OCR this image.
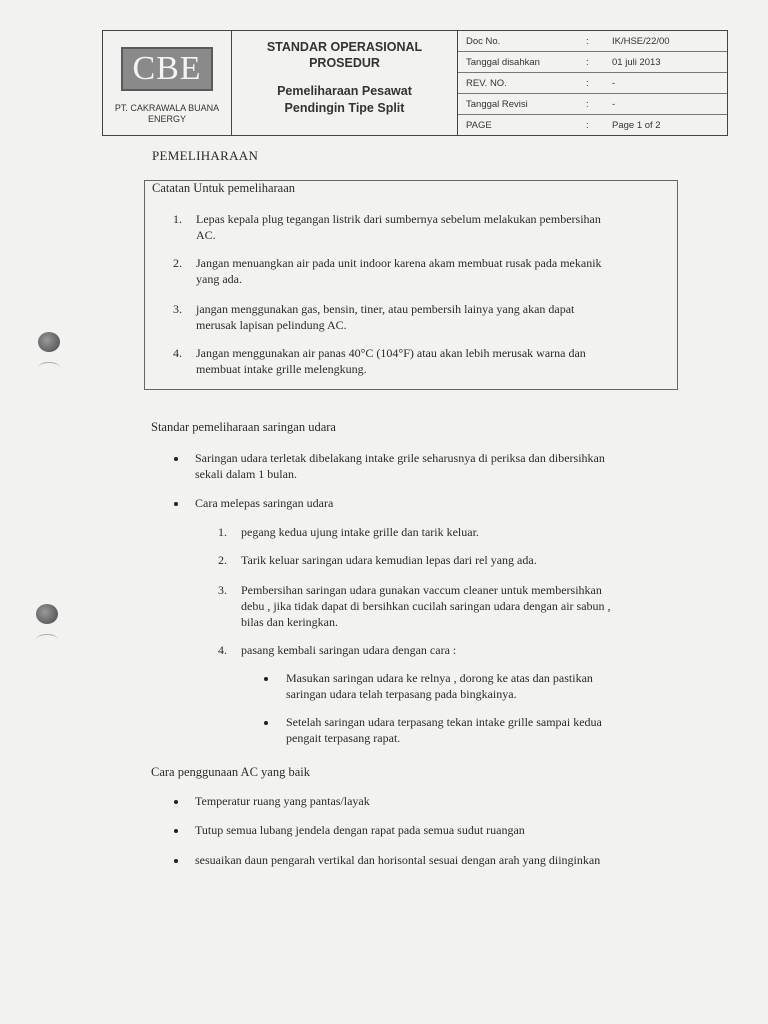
CBE
PT. CAKRAWALA BUANA
ENERGY
STANDAR OPERASIONAL
PROSEDUR
Pemeliharaan Pesawat
Pendingin Tipe Split
Doc No.	:	IK/HSE/22/00
Tanggal disahkan	:	01 juli 2013
REV. NO.	:	-
Tanggal Revisi	:	-
PAGE	:	Page 1 of 2
PEMELIHARAAN
Catatan Untuk pemeliharaan
1. Lepas kepala plug tegangan listrik dari sumbernya sebelum melakukan pembersihan
AC.
2. Jangan menuangkan air pada unit indoor karena akam membuat rusak pada mekanik
yang ada.
3. jangan menggunakan gas, bensin, tiner, atau pembersih lainya yang akan dapat
merusak lapisan pelindung AC.
4. Jangan menggunakan air panas 40°C (104°F) atau akan lebih merusak warna dan
membuat intake grille melengkung.
Standar pemeliharaan saringan udara
Saringan udara terletak dibelakang intake grile seharusnya di periksa dan dibersihkan
sekali dalam 1 bulan.
Cara melepas saringan udara
1. pegang kedua ujung intake grille dan tarik keluar.
2. Tarik keluar saringan udara kemudian lepas dari rel yang ada.
3. Pembersihan saringan udara gunakan vaccum cleaner untuk membersihkan
debu , jika tidak dapat di bersihkan cucilah saringan udara dengan air sabun ,
bilas dan keringkan.
4. pasang kembali saringan udara dengan cara :
Masukan saringan udara ke relnya , dorong ke atas dan pastikan
saringan udara telah terpasang pada bingkainya.
Setelah saringan udara terpasang tekan intake grille sampai kedua
pengait terpasang rapat.
Cara penggunaan AC yang baik
Temperatur ruang yang pantas/layak
Tutup semua lubang jendela dengan rapat pada semua sudut ruangan
sesuaikan daun pengarah vertikal dan horisontal sesuai dengan arah yang diinginkan
